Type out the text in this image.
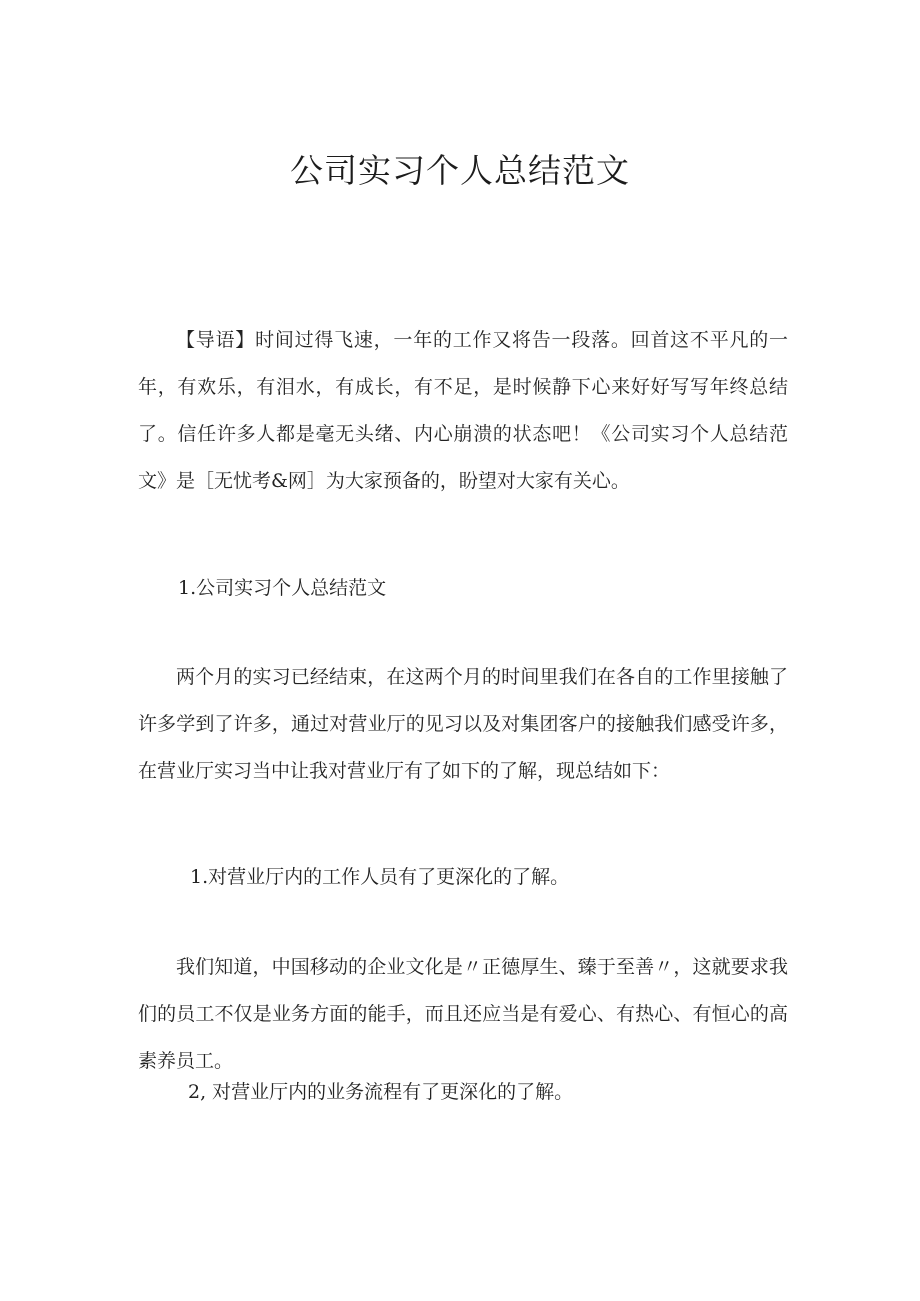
公司实习个人总结范文
【导语】时间过得飞速，一年的工作又将告一段落。回首这不平凡的一年，有欢乐，有泪水，有成长，有不足，是时候静下心来好好写写年终总结了。信任许多人都是毫无头绪、内心崩溃的状态吧！《公司实习个人总结范文》是［无忧考&网］为大家预备的，盼望对大家有关心。
1.公司实习个人总结范文
两个月的实习已经结束，在这两个月的时间里我们在各自的工作里接触了许多学到了许多，通过对营业厅的见习以及对集团客户的接触我们感受许多，在营业厅实习当中让我对营业厅有了如下的了解，现总结如下：
1.对营业厅内的工作人员有了更深化的了解。
我们知道，中国移动的企业文化是〃正德厚生、臻于至善〃，这就要求我们的员工不仅是业务方面的能手，而且还应当是有爱心、有热心、有恒心的高素养员工。
2, 对营业厅内的业务流程有了更深化的了解。
